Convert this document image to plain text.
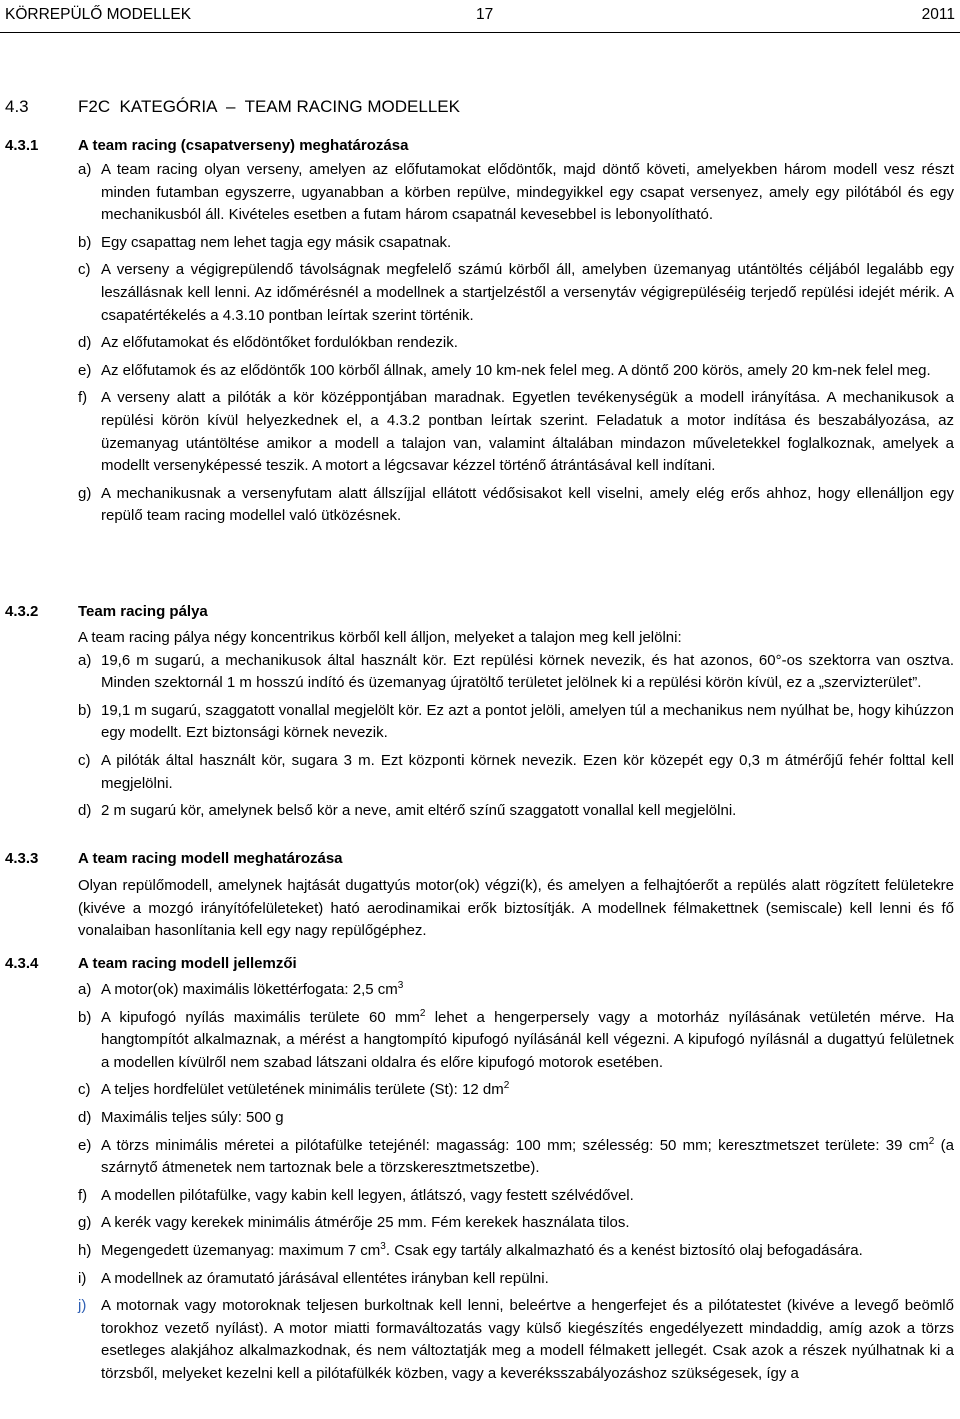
KÖRREPÜLŐ MODELLEK	17	2011
4.3	F2C  KATEGÓRIA  –  TEAM RACING MODELLEK
4.3.1	A team racing (csapatverseny) meghatározása
a) A team racing olyan verseny, amelyen az előfutamokat elődöntők, majd döntő követi, amelyekben három modell vesz részt minden futamban egyszerre, ugyanabban a körben repülve, mindegyikkel egy csapat versenyez, amely egy pilótából és egy mechanikusból áll. Kivételes esetben a futam három csapatnál kevesebbel is lebonyolítható.
b) Egy csapattag nem lehet tagja egy másik csapatnak.
c) A verseny a végigrepülendő távolságnak megfelelő számú körből áll, amelyben üzemanyag utántöltés céljából legalább egy leszállásnak kell lenni. Az időmérésnél a modellnek a startjelzéstől a versenytáv végigrepüléséig terjedő repülési idejét mérik. A csapatértékelés a 4.3.10 pontban leírtak szerint történik.
d) Az előfutamokat és elődöntőket fordulókban rendezik.
e) Az előfutamok és az elődöntők 100 körből állnak, amely 10 km-nek felel meg. A döntő 200 körös, amely 20 km-nek felel meg.
f) A verseny alatt a pilóták a kör középpontjában maradnak. Egyetlen tevékenységük a modell irányítása. A mechanikusok a repülési körön kívül helyezkednek el, a 4.3.2 pontban leírtak szerint. Feladatuk a motor indítása és beszabályozása, az üzemanyag utántöltése amikor a modell a talajon van, valamint általában mindazon műveletekkel foglalkoznak, amelyek a modellt versenyképessé teszik. A motort a légcsavar kézzel történő átrántásával kell indítani.
g) A mechanikusnak a versenyfutam alatt állszíjjal ellátott védősisakot kell viselni, amely elég erős ahhoz, hogy ellenálljon egy repülő team racing modellel való ütközésnek.
4.3.2	Team racing pálya

A team racing pálya négy koncentrikus körből kell álljon, melyeket a talajon meg kell jelölni:

a) 19,6 m sugarú, a mechanikusok által használt kör. Ezt repülési körnek nevezik, és hat azonos, 60°-os szektorra van osztva. Minden szektornál 1 m hosszú indító és üzemanyag újratöltő területet jelölnek ki a repülési körön kívül, ez a „szervizterület”.
b) 19,1 m sugarú, szaggatott vonallal megjelölt kör. Ez azt a pontot jelöli, amelyen túl a mechanikus nem nyúlhat be, hogy kihúzzon egy modellt. Ezt biztonsági körnek nevezik.
c) A pilóták által használt kör, sugara 3 m. Ezt központi körnek nevezik. Ezen kör közepét egy 0,3 m átmérőjű fehér folttal kell megjelölni.
d) 2 m sugarú kör, amelynek belső kör a neve, amit eltérő színű szaggatott vonallal kell megjelölni.
4.3.3	A team racing modell meghatározása

Olyan repülőmodell, amelynek hajtását dugattyús motor(ok) végzi(k), és amelyen a felhajtóerőt a repülés alatt rögzített felületekre (kivéve a mozgó irányítófelületeket) ható aerodinamikai erők biztosítják. A modellnek félmakettnek (semiscale) kell lenni és fő vonalaiban hasonlítania kell egy nagy repülőgéphez.

4.3.4	A team racing modell jellemzői
a) A motor(ok) maximális lökettérfogata: 2,5 $cm^3$
b) A kipufogó nyílás maximális területe 60 $mm^2$ lehet a hengerpersely vagy a motorház nyílásának vetületén mérve. Ha hangtompítót alkalmaznak, a mérést a hangtompító kipufogó nyílásánál kell végezni. A kipufogó nyílásnál a dugattyú felületnek a modellen kívülről nem szabad látszani oldalra és előre kipufogó motorok esetében.
c) A teljes hordfelület vetületének minimális területe (St): 12 $dm^2$
d) Maximális teljes súly: 500 g
e) A törzs minimális méretei a pilótafülke tetejénél: magasság: 100 mm; szélesség: 50 mm; keresztmetszet területe: 39 $cm^2$ (a szárnytő átmenetek nem tartoznak bele a törzskeresztmetszetbe).
f) A modellen pilótafülke, vagy kabin kell legyen, átlátszó, vagy festett szélvédővel.
g) A kerék vagy kerekek minimális átmérője 25 mm. Fém kerekek használata tilos.
h) Megengedett üzemanyag: maximum 7 $cm^3$. Csak egy tartály alkalmazható és a kenést biztosító olaj befogadására.
i) A modellnek az óramutató járásával ellentétes irányban kell repülni.
j) A motornak vagy motoroknak teljesen burkoltnak kell lenni, beleértve a hengerfejet és a pilótatestet (kivéve a levegő beömlő torokhoz vezető nyílást). A motor miatti formaváltozatás vagy külső kiegészítés engedélyezett mindaddig, amíg azok a törzs esetleges alakjához alkalmazkodnak, és nem változtatják meg a modell félmakett jellegét. Csak azok a részek nyúlhatnak ki a törzsből, melyeket kezelni kell a pilótafülkék közben, vagy a keveréksszabályozáshoz szükségesek, így a
